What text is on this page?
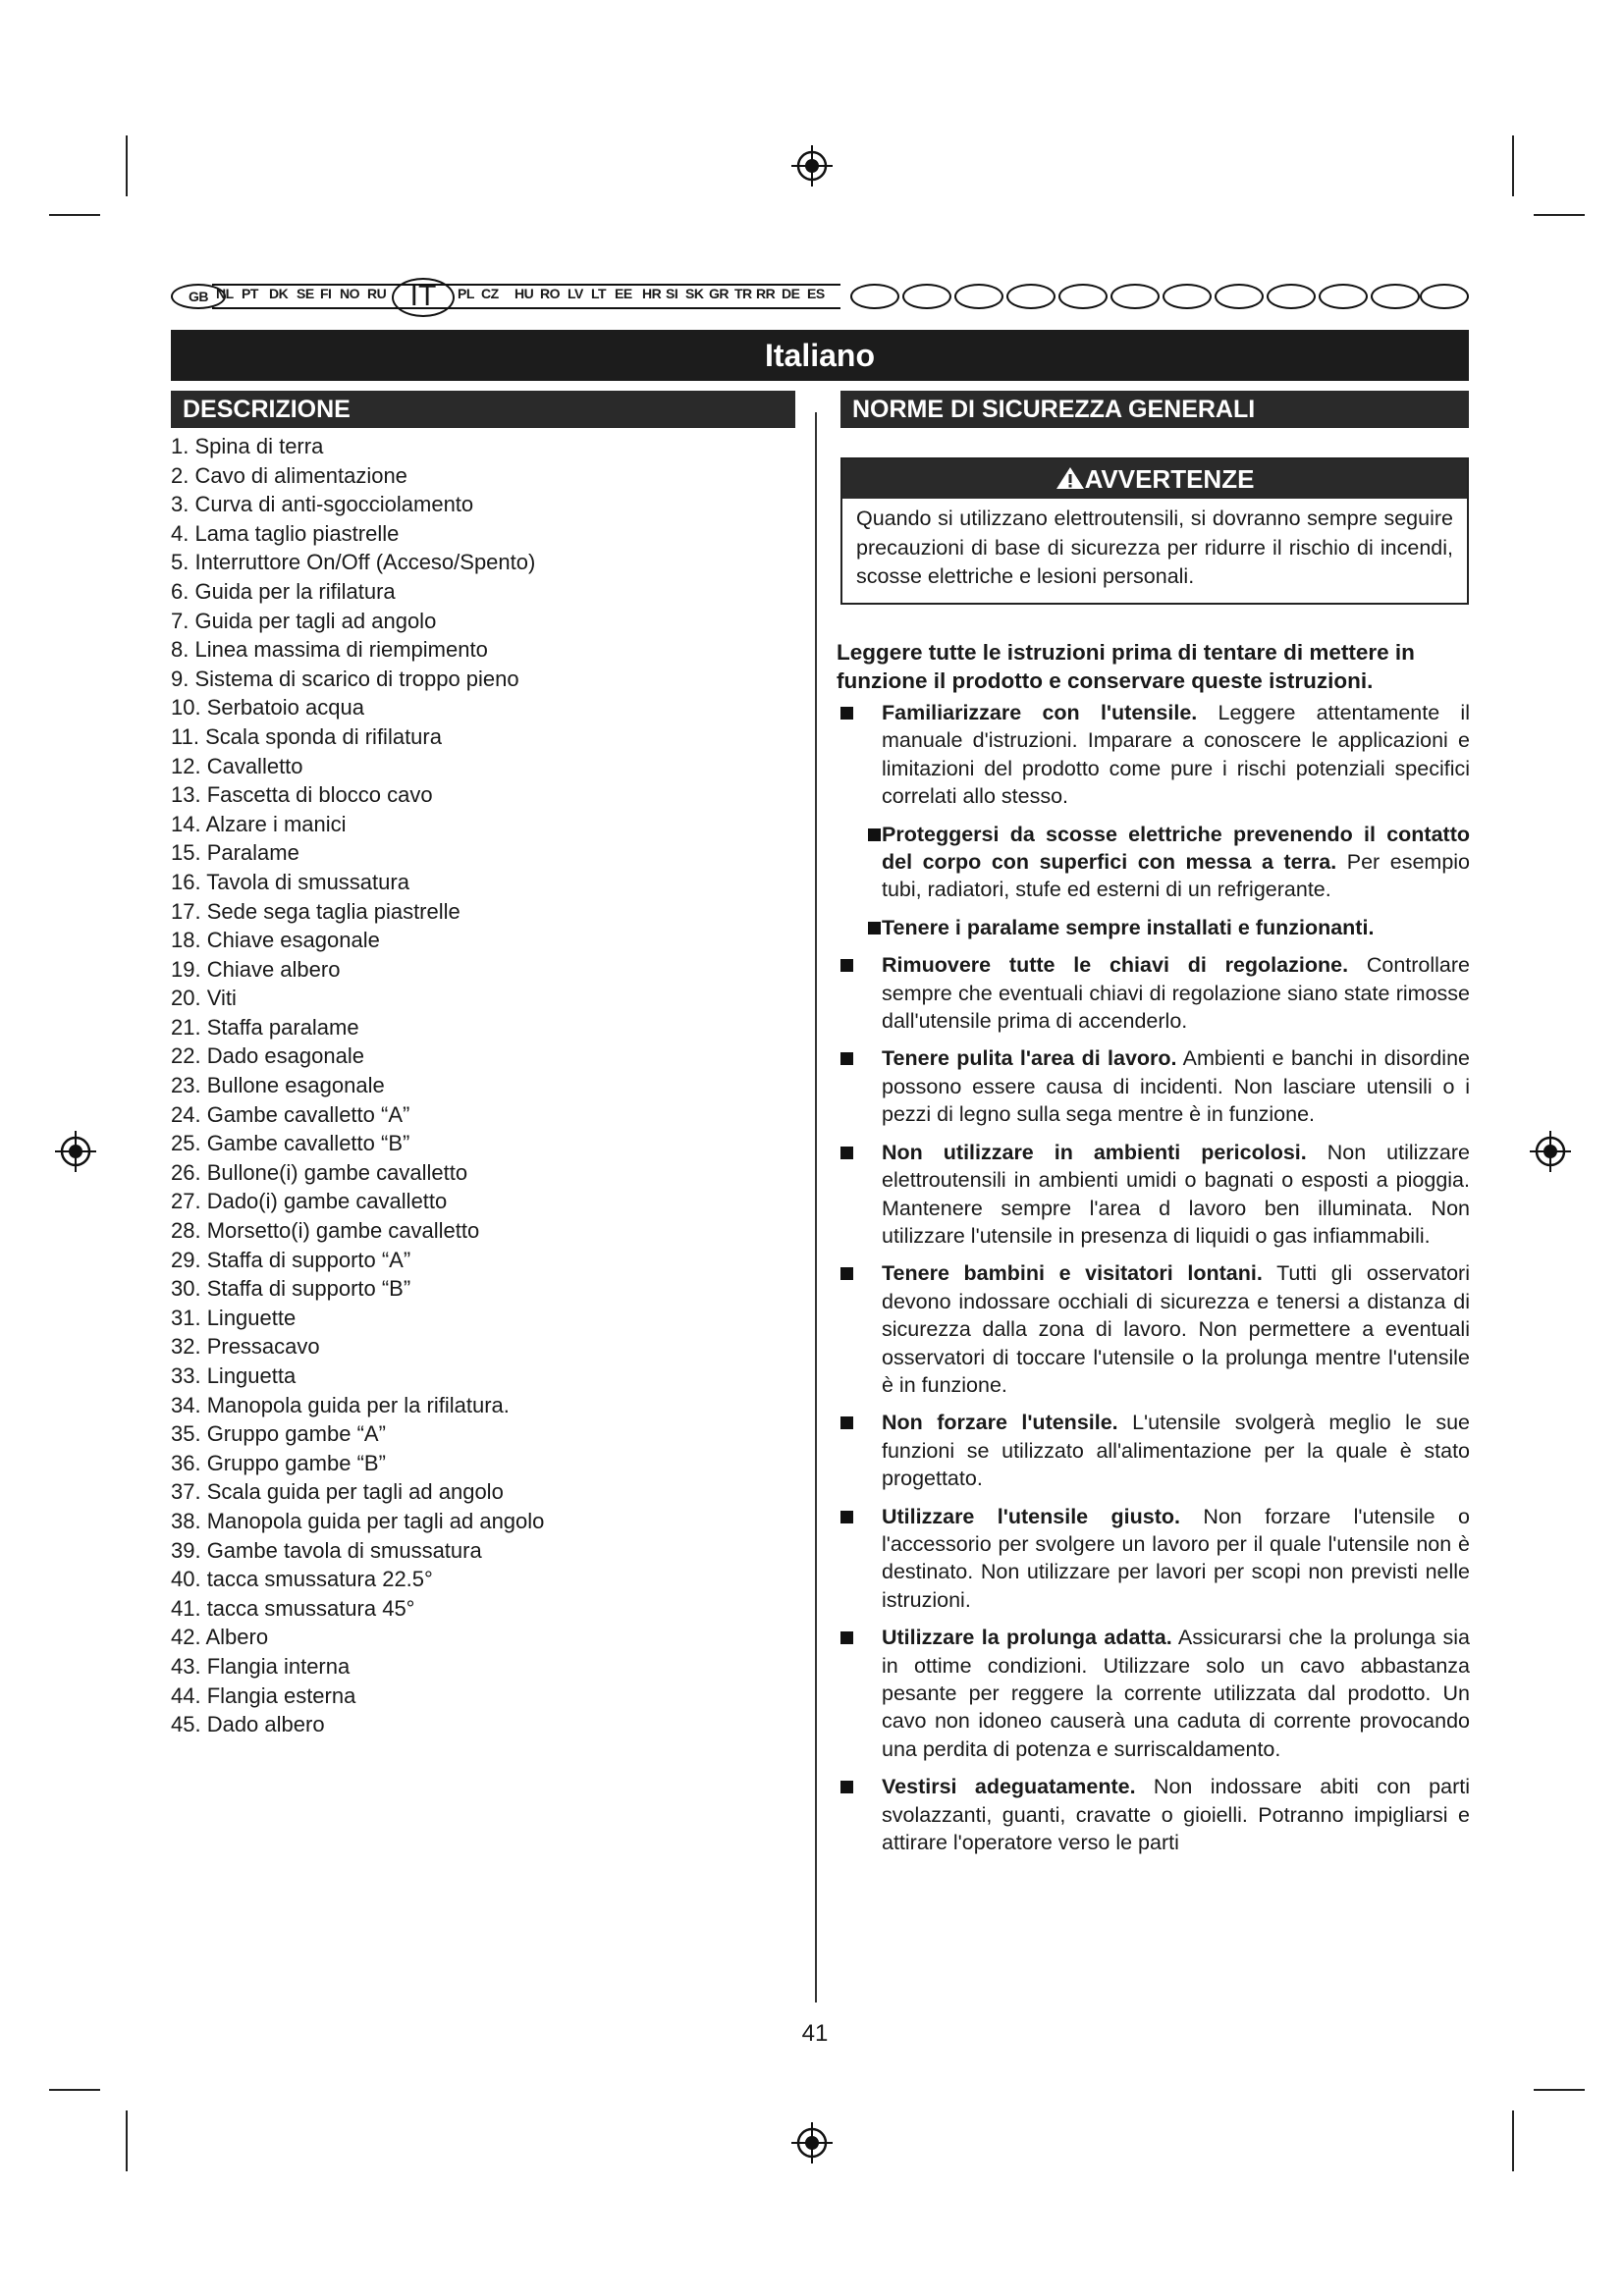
GB NL PT DK SE FI NO RU IT	PL CZ HU RO LV LT EE HR SI SK GR TR RR DE ES
Italiano
DESCRIZIONE
1. Spina di terra
2. Cavo di alimentazione
3. Curva di anti-sgocciolamento
4. Lama taglio piastrelle
5. Interruttore On/Off (Acceso/Spento)
6. Guida per la rifilatura
7. Guida per tagli ad angolo
8. Linea massima di riempimento
9. Sistema di scarico di troppo pieno
10. Serbatoio acqua
11. Scala sponda di rifilatura
12. Cavalletto
13. Fascetta di blocco cavo
14. Alzare i manici
15. Paralame
16. Tavola di smussatura
17. Sede sega taglia piastrelle
18. Chiave esagonale
19. Chiave albero
20. Viti
21. Staffa paralame
22. Dado esagonale
23. Bullone esagonale
24. Gambe cavalletto “A”
25. Gambe cavalletto “B”
26. Bullone(i) gambe cavalletto
27. Dado(i) gambe cavalletto
28. Morsetto(i) gambe cavalletto
29. Staffa di supporto “A”
30. Staffa di supporto “B”
31. Linguette
32. Pressacavo
33. Linguetta
34. Manopola guida per la rifilatura.
35. Gruppo gambe “A”
36. Gruppo gambe “B”
37. Scala guida per tagli ad angolo
38. Manopola guida per tagli ad angolo
39. Gambe tavola di smussatura
40. tacca smussatura 22.5°
41. tacca smussatura 45°
42. Albero
43. Flangia interna
44. Flangia esterna
45. Dado albero
NORME DI SICUREZZA GENERALI
AVVERTENZE
Quando si utilizzano elettroutensili, si dovranno sempre seguire precauzioni di base di sicurezza per ridurre il rischio di incendi, scosse elettriche e lesioni personali.
Leggere tutte le istruzioni prima di tentare di mettere in funzione il prodotto e conservare queste istruzioni.
Familiarizzare con l'utensile. Leggere attentamente il manuale d'istruzioni. Imparare a conoscere le applicazioni e limitazioni del prodotto come pure i rischi potenziali specifici correlati allo stesso.
Proteggersi da scosse elettriche prevenendo il contatto del corpo con superfici con messa a terra. Per esempio tubi, radiatori, stufe ed esterni di un refrigerante.
Tenere i paralame sempre installati e funzionanti.
Rimuovere tutte le chiavi di regolazione. Controllare sempre che eventuali chiavi di regolazione siano state rimosse dall'utensile prima di accenderlo.
Tenere pulita l'area di lavoro. Ambienti e banchi in disordine possono essere causa di incidenti. Non lasciare utensili o i pezzi di legno sulla sega mentre è in funzione.
Non utilizzare in ambienti pericolosi. Non utilizzare elettroutensili in ambienti umidi o bagnati o esposti a pioggia. Mantenere sempre l'area d lavoro ben illuminata. Non utilizzare l'utensile in presenza di liquidi o gas infiammabili.
Tenere bambini e visitatori lontani. Tutti gli osservatori devono indossare occhiali di sicurezza e tenersi a distanza di sicurezza dalla zona di lavoro. Non permettere a eventuali osservatori di toccare l'utensile o la prolunga mentre l'utensile è in funzione.
Non forzare l'utensile. L'utensile svolgerà meglio le sue funzioni se utilizzato all'alimentazione per la quale è stato progettato.
Utilizzare l'utensile giusto. Non forzare l'utensile o l'accessorio per svolgere un lavoro per il quale l'utensile non è destinato. Non utilizzare per lavori per scopi non previsti nelle istruzioni.
Utilizzare la prolunga adatta. Assicurarsi che la prolunga sia in ottime condizioni. Utilizzare solo un cavo abbastanza pesante per reggere la corrente utilizzata dal prodotto. Un cavo non idoneo causerà una caduta di corrente provocando una perdita di potenza e surriscaldamento.
Vestirsi adeguatamente. Non indossare abiti con parti svolazzanti, guanti, cravatte o gioielli. Potranno impigliarsi e attirare l'operatore verso le parti
41
